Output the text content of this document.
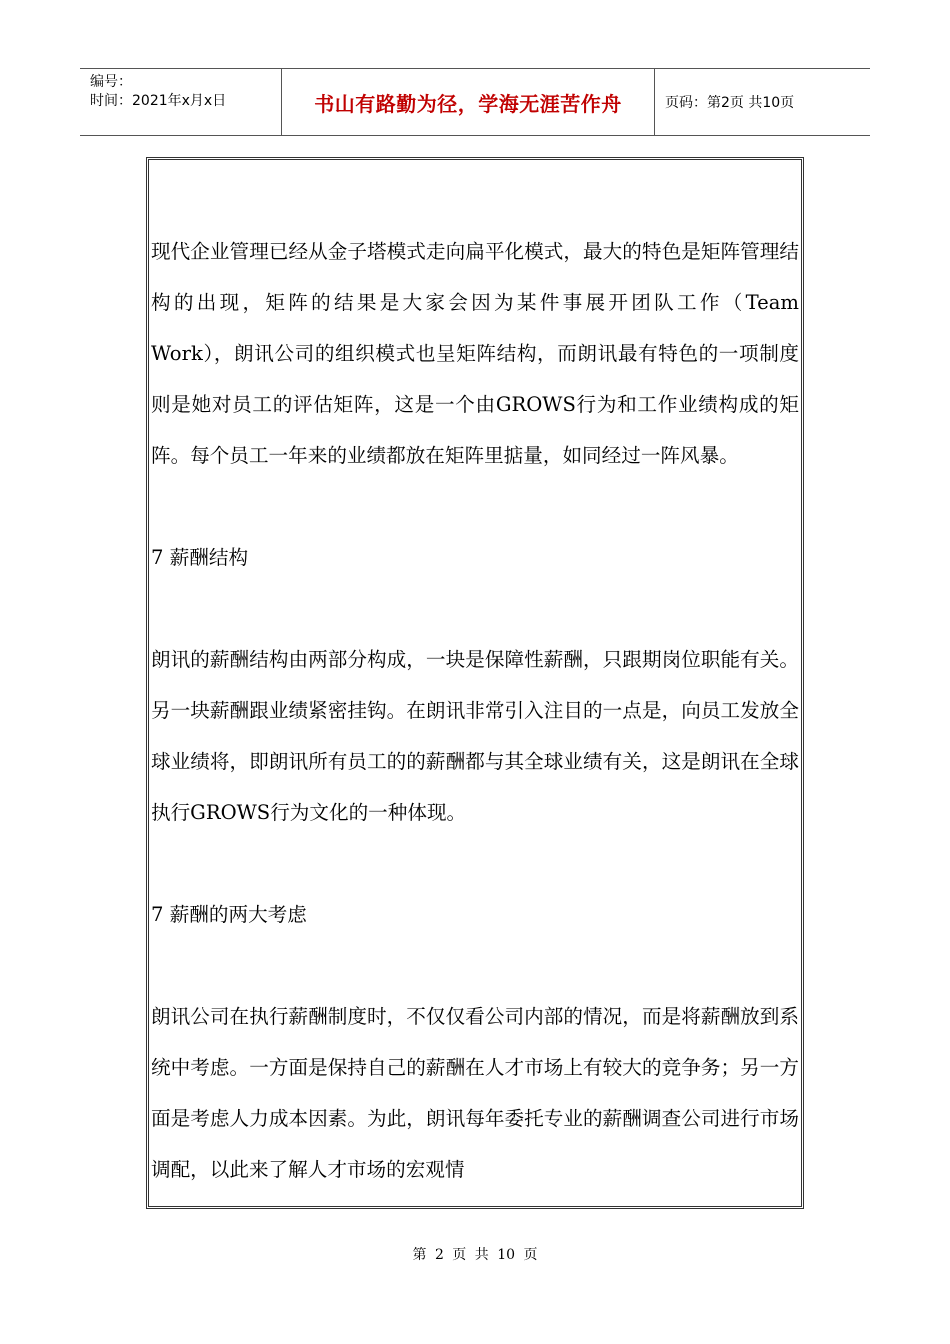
编号：
时间：2021年x月x日	书山有路勤为径，学海无涯苦作舟	页码：第2页 共10页

现代企业管理已经从金子塔模式走向扁平化模式，最大的特色是矩阵管理结构的出现，矩阵的结果是大家会因为某件事展开团队工作（Team Work），朗讯公司的组织模式也呈矩阵结构，而朗讯最有特色的一项制度则是她对员工的评估矩阵，这是一个由GROWS行为和工作业绩构成的矩阵。每个员工一年来的业绩都放在矩阵里掂量，如同经过一阵风暴。

7 薪酬结构

朗讯的薪酬结构由两部分构成，一块是保障性薪酬，只跟期岗位职能有关。另一块薪酬跟业绩紧密挂钩。在朗讯非常引入注目的一点是，向员工发放全球业绩将，即朗讯所有员工的的薪酬都与其全球业绩有关，这是朗讯在全球执行GROWS行为文化的一种体现。

7 薪酬的两大考虑

朗讯公司在执行薪酬制度时，不仅仅看公司内部的情况，而是将薪酬放到系统中考虑。一方面是保持自己的薪酬在人才市场上有较大的竞争务；另一方面是考虑人力成本因素。为此，朗讯每年委托专业的薪酬调查公司进行市场调配，以此来了解人才市场的宏观情

第 2 页 共 10 页
